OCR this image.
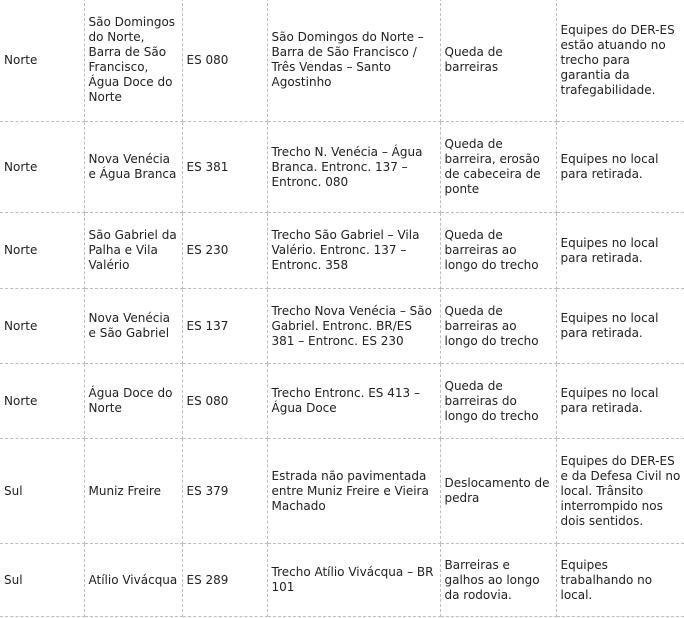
Norte	São Domingos do Norte, Barra de São Francisco, Água Doce do Norte	ES 080	São Domingos do Norte – Barra de São Francisco / Três Vendas – Santo Agostinho	Queda de barreiras	Equipes do DER-ES estão atuando no trecho para garantia da trafegabilidade.
Norte	Nova Venécia e Água Branca	ES 381	Trecho N. Venécia – Água Branca. Entronc. 137 – Entronc. 080	Queda de barreira, erosão de cabeceira de ponte	Equipes no local para retirada.
Norte	São Gabriel da Palha e Vila Valério	ES 230	Trecho São Gabriel – Vila Valério. Entronc. 137 – Entronc. 358	Queda de barreiras ao longo do trecho	Equipes no local para retirada.
Norte	Nova Venécia e São Gabriel	ES 137	Trecho Nova Venécia – São Gabriel. Entronc. BR/ES 381 – Entronc. ES 230	Queda de barreiras ao longo do trecho	Equipes no local para retirada.
Norte	Água Doce do Norte	ES 080	Trecho Entronc. ES 413 – Água Doce	Queda de barreiras do longo do trecho	Equipes no local para retirada.
Sul	Muniz Freire	ES 379	Estrada não pavimentada entre Muniz Freire e Vieira Machado	Deslocamento de pedra	Equipes do DER-ES e da Defesa Civil no local. Trânsito interrompido nos dois sentidos.
Sul	Atílio Vivácqua	ES 289	Trecho Atílio Vivácqua – BR 101	Barreiras e galhos ao longo da rodovia.	Equipes trabalhando no local.
